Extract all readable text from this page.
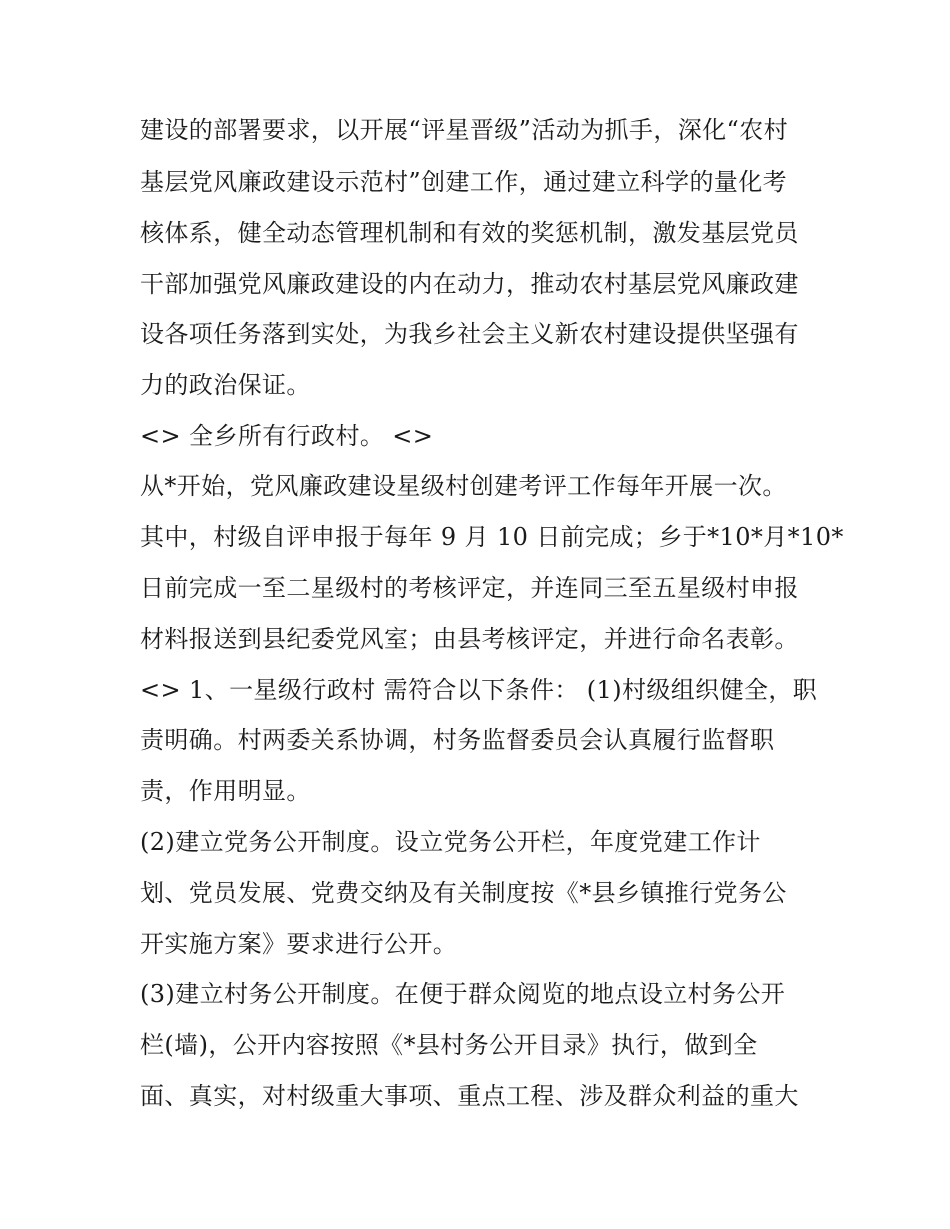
建设的部署要求，以开展“评星晋级”活动为抓手，深化“农村
基层党风廉政建设示范村”创建工作，通过建立科学的量化考
核体系，健全动态管理机制和有效的奖惩机制，激发基层党员
干部加强党风廉政建设的内在动力，推动农村基层党风廉政建
设各项任务落到实处，为我乡社会主义新农村建设提供坚强有
力的政治保证。
<> 全乡所有行政村。 <>
从*开始，党风廉政建设星级村创建考评工作每年开展一次。
其中，村级自评申报于每年 9 月 10 日前完成；乡于*10*月*10*
日前完成一至二星级村的考核评定，并连同三至五星级村申报
材料报送到县纪委党风室；由县考核评定，并进行命名表彰。
<> 1、一星级行政村 需符合以下条件： (1)村级组织健全，职
责明确。村两委关系协调，村务监督委员会认真履行监督职
责，作用明显。
(2)建立党务公开制度。设立党务公开栏，年度党建工作计
划、党员发展、党费交纳及有关制度按《*县乡镇推行党务公
开实施方案》要求进行公开。
(3)建立村务公开制度。在便于群众阅览的地点设立村务公开
栏(墙)，公开内容按照《*县村务公开目录》执行，做到全
面、真实，对村级重大事项、重点工程、涉及群众利益的重大
